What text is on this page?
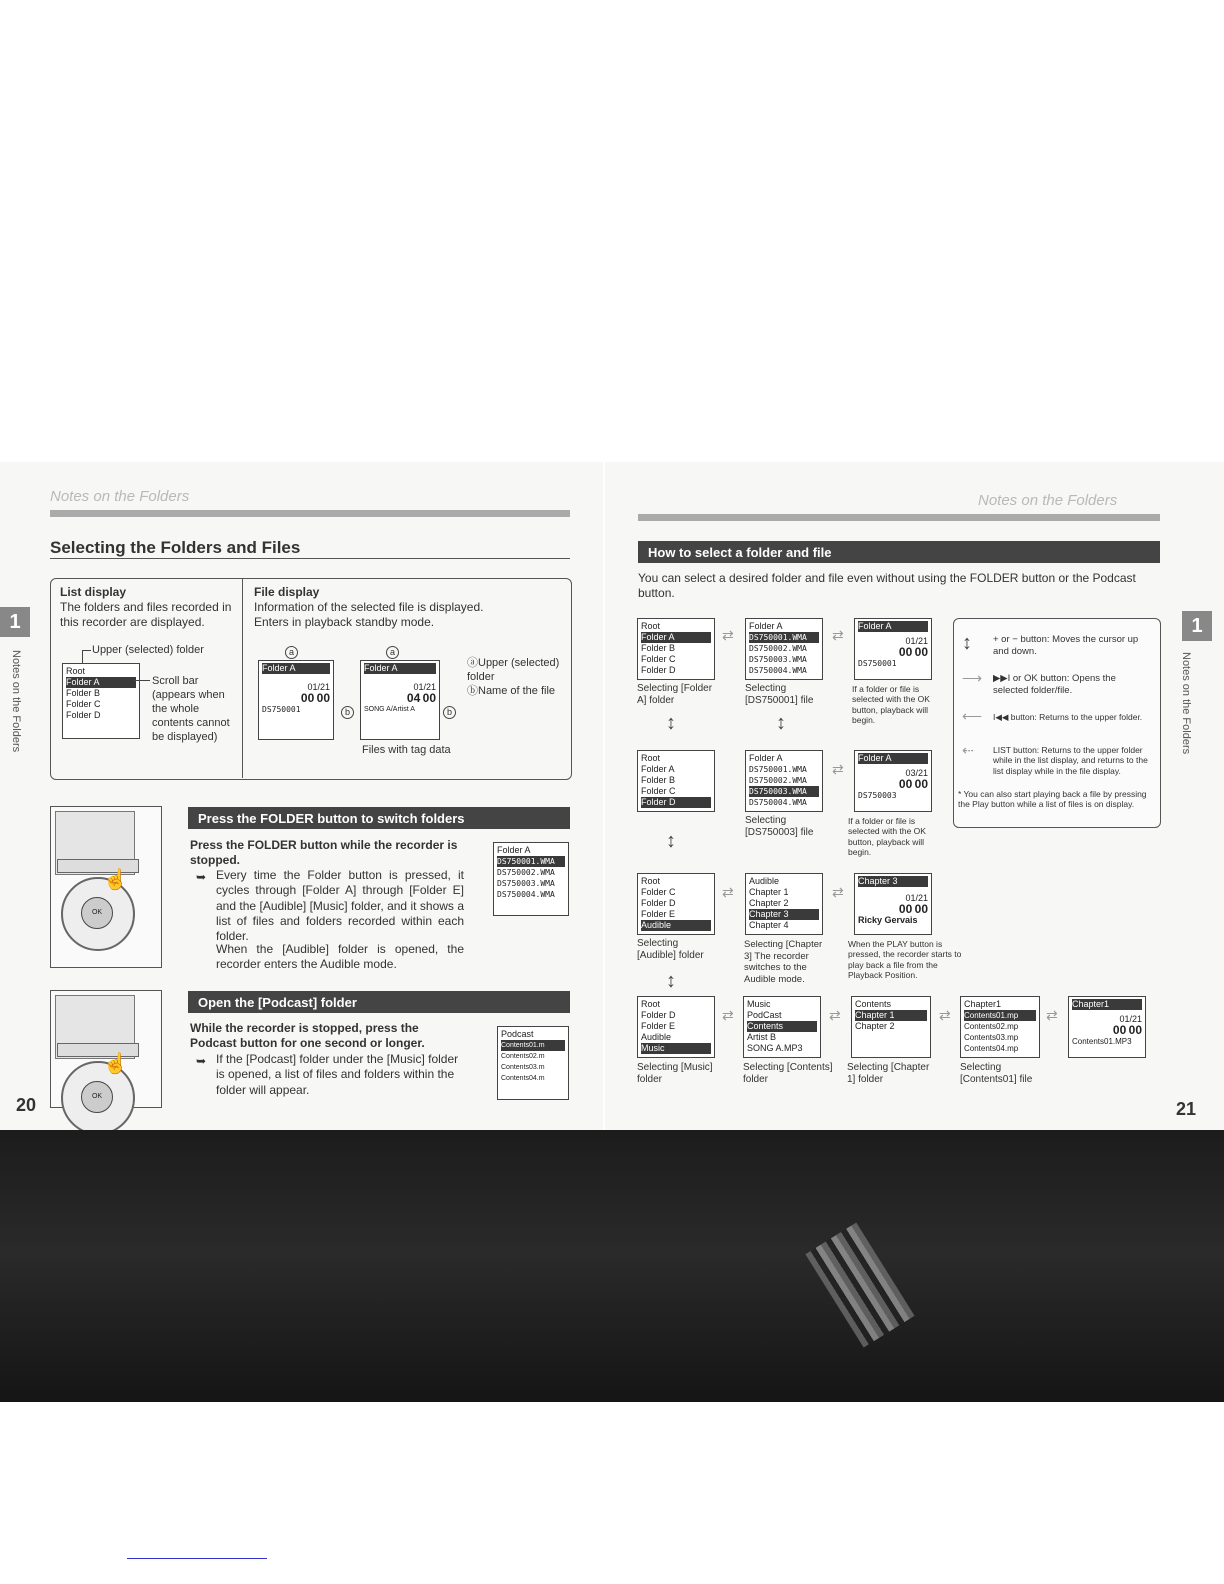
Notes on the Folders
Selecting the Folders and Files
1
Notes on the Folders
20
List display
The folders and files recorded in this recorder are displayed.
Upper (selected) folder
Root
Folder A
Folder B
Folder C
Folder D
Scroll bar (appears when the whole contents cannot be displayed)
File display
Information of the selected file is displayed. Enters in playback standby mode.
a
Folder A
01/21
00 00
DS750001	b
a
Folder A
01/21
04 00
SONG A/Artist A	b
ⓐUpper (selected) folder
ⓑName of the file
Files with tag data
OK
☝
OK
☝
Press the FOLDER button to switch folders
Press the FOLDER button while the recorder is stopped.
➥ Every time the Folder button is pressed, it cycles through [Folder A] through [Folder E] and the [Audible] [Music] folder, and it shows a list of files and folders recorded within each folder.
When the [Audible] folder is opened, the recorder enters the Audible mode.
Folder A
DS750001.WMA
DS750002.WMA
DS750003.WMA
DS750004.WMA
Open the [Podcast] folder
While the recorder is stopped, press the Podcast button for one second or longer.
➥ If the [Podcast] folder under the [Music] folder is opened, a list of files and folders within the folder will appear.
Podcast
Contents01.m
Contents02.m
Contents03.m
Contents04.m
Notes on the Folders
How to select a folder and file
You can select a desired folder and file even without using the FOLDER button or the Podcast button.
1
Notes on the Folders
21
Root
Folder A
Folder B
Folder C
Folder D
Selecting [Folder A] folder
⇄
Folder A
DS750001.WMA
DS750002.WMA
DS750003.WMA
DS750004.WMA
Selecting [DS750001] file
⇄
Folder A
01/21
00 00
DS750001
If a folder or file is selected with the OK button, playback will begin.
↕	↕
Root
Folder A
Folder B
Folder C
Folder D
Folder A
DS750001.WMA
DS750002.WMA
DS750003.WMA
DS750004.WMA
Selecting [DS750003] file
⇄
Folder A
03/21
00 00
DS750003
If a folder or file is selected with the OK button, playback will begin.
↕
Root
Folder C
Folder D
Folder E
Audible
Selecting [Audible] folder
⇄
Audible
Chapter 1
Chapter 2
Chapter 3
Chapter 4
Selecting [Chapter 3] The recorder switches to the Audible mode.
⇄
Chapter 3
01/21
00 00
Ricky Gervais
When the PLAY button is pressed, the recorder starts to play back a file from the Playback Position.
↕
Root
Folder D
Folder E
Audible
Music
Selecting [Music] folder
⇄
Music
PodCast
Contents
Artist B
SONG A.MP3
Selecting [Contents] folder
⇄
Contents
Chapter 1
Chapter 2
Selecting [Chapter 1] folder
⇄
Chapter1
Contents01.mp
Contents02.mp
Contents03.mp
Contents04.mp
Selecting [Contents01] file
⇄
Chapter1
01/21
00 00
Contents01.MP3
↕ + or − button: Moves the cursor up and down.
⟶ ▶▶I or OK button: Opens the selected folder/file.
⟵ I◀◀ button: Returns to the upper folder.
⇠ LIST button: Returns to the upper folder while in the list display, and returns to the list display while in the file display.
* You can also start playing back a file by pressing the Play button while a list of files is on display.
